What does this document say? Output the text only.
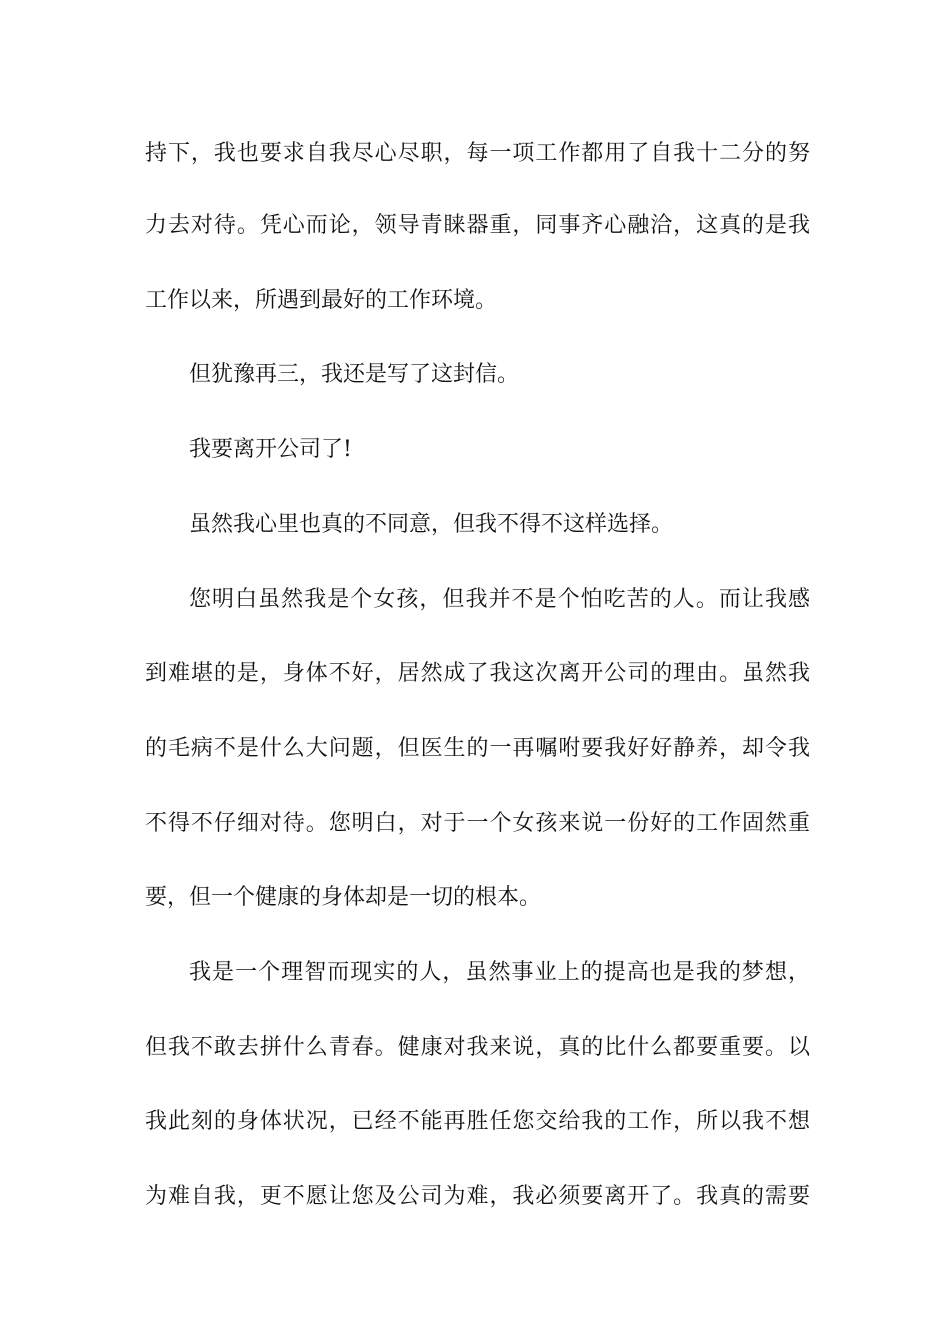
持下，我也要求自我尽心尽职，每一项工作都用了自我十二分的努
力去对待。凭心而论，领导青睐器重，同事齐心融洽，这真的是我
工作以来，所遇到最好的工作环境。
但犹豫再三，我还是写了这封信。
我要离开公司了!
虽然我心里也真的不同意，但我不得不这样选择。
您明白虽然我是个女孩，但我并不是个怕吃苦的人。而让我感
到难堪的是，身体不好，居然成了我这次离开公司的理由。虽然我
的毛病不是什么大问题，但医生的一再嘱咐要我好好静养，却令我
不得不仔细对待。您明白，对于一个女孩来说一份好的工作固然重
要，但一个健康的身体却是一切的根本。
我是一个理智而现实的人，虽然事业上的提高也是我的梦想，
但我不敢去拼什么青春。健康对我来说，真的比什么都要重要。以
我此刻的身体状况，已经不能再胜任您交给我的工作，所以我不想
为难自我，更不愿让您及公司为难，我必须要离开了。我真的需要
